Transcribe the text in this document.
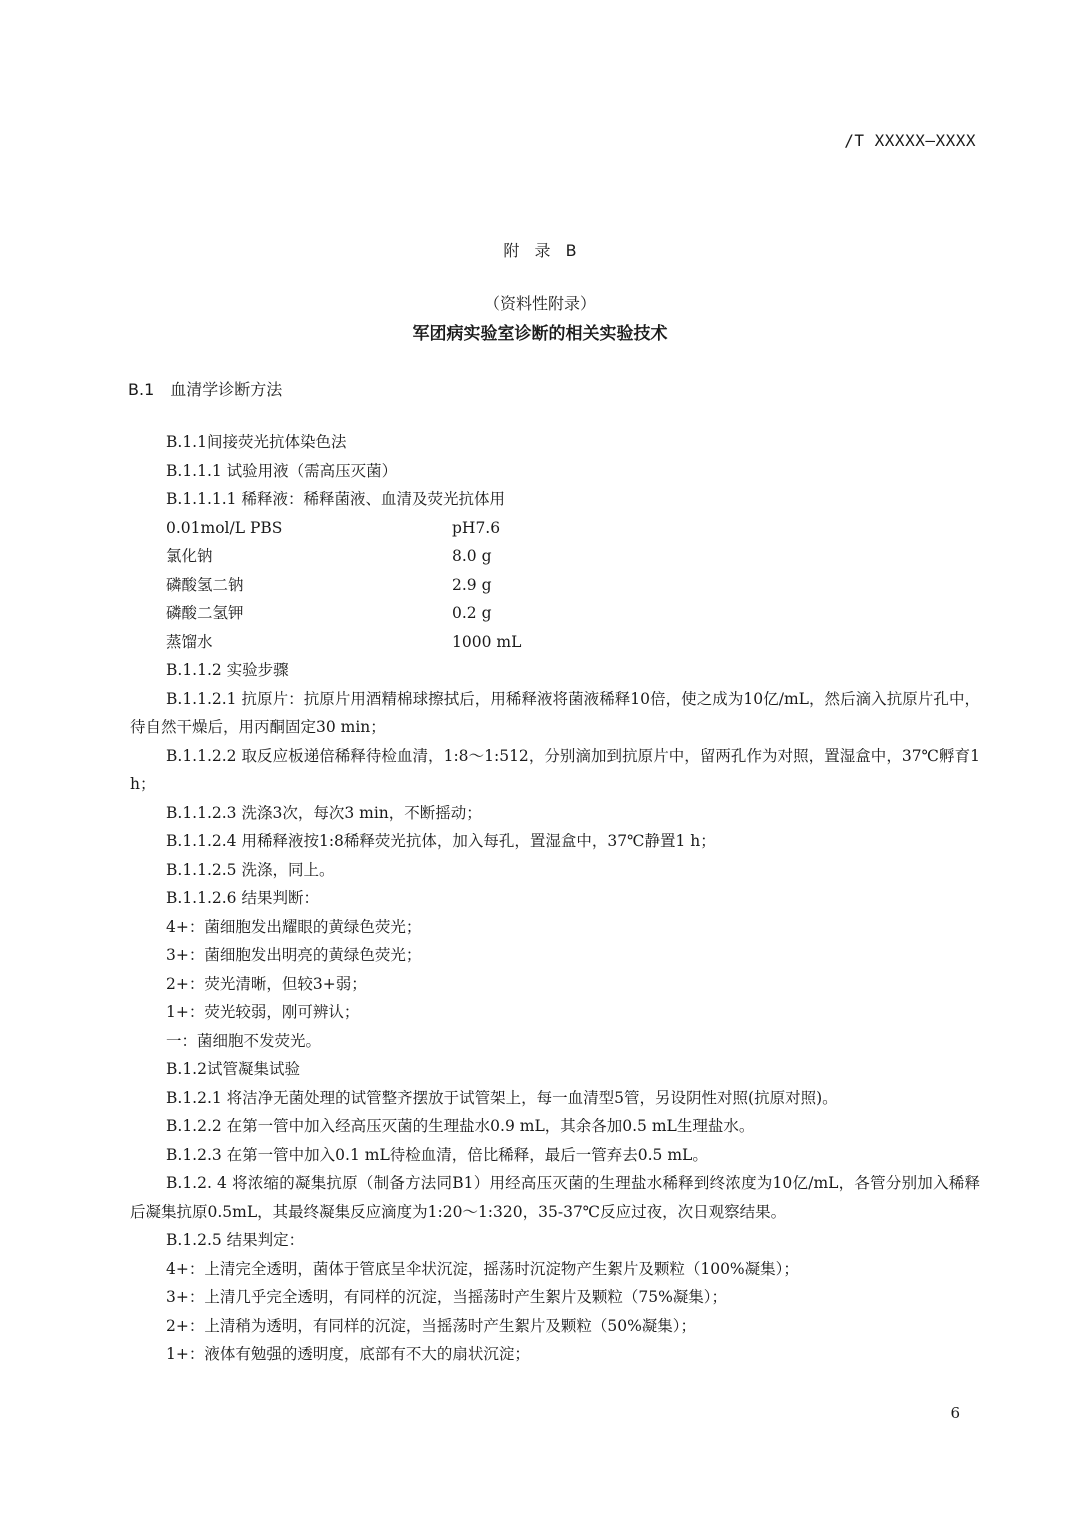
/T XXXXX—XXXX
附 录 B
（资料性附录）
军团病实验室诊断的相关实验技术
B.1 血清学诊断方法

B.1.1间接荧光抗体染色法

B.1.1.1 试验用液（需高压灭菌）

B.1.1.1.1 稀释液：稀释菌液、血清及荧光抗体用

0.01mol/L PBS	pH7.6
氯化钠	8.0 g
磷酸氢二钠	2.9 g
磷酸二氢钾	0.2 g
蒸馏水	1000 mL

B.1.1.2 实验步骤

B.1.1.2.1 抗原片：抗原片用酒精棉球擦拭后，用稀释液将菌液稀释10倍，使之成为10亿/mL，然后滴入抗原片孔中，待自然干燥后，用丙酮固定30 min；

B.1.1.2.2 取反应板递倍稀释待检血清，1:8～1:512，分别滴加到抗原片中，留两孔作为对照，置湿盒中，37℃孵育1 h；

B.1.1.2.3 洗涤3次，每次3 min，不断摇动；

B.1.1.2.4 用稀释液按1:8稀释荧光抗体，加入每孔，置湿盒中，37℃静置1 h；

B.1.1.2.5 洗涤，同上。

B.1.1.2.6 结果判断：

4+：菌细胞发出耀眼的黄绿色荧光；

3+：菌细胞发出明亮的黄绿色荧光；

2+：荧光清晰，但较3+弱；

1+：荧光较弱，刚可辨认；

一：菌细胞不发荧光。

B.1.2试管凝集试验

B.1.2.1 将洁净无菌处理的试管整齐摆放于试管架上，每一血清型5管，另设阴性对照(抗原对照)。

B.1.2.2 在第一管中加入经高压灭菌的生理盐水0.9 mL，其余各加0.5 mL生理盐水。

B.1.2.3 在第一管中加入0.1 mL待检血清，倍比稀释，最后一管弃去0.5 mL。

B.1.2. 4 将浓缩的凝集抗原（制备方法同B1）用经高压灭菌的生理盐水稀释到终浓度为10亿/mL，各管分别加入稀释后凝集抗原0.5mL，其最终凝集反应滴度为1:20～1:320，35-37℃反应过夜，次日观察结果。

B.1.2.5 结果判定：

4+：上清完全透明，菌体于管底呈伞状沉淀，摇荡时沉淀物产生絮片及颗粒（100%凝集）；

3+：上清几乎完全透明，有同样的沉淀，当摇荡时产生絮片及颗粒（75%凝集）；

2+：上清稍为透明，有同样的沉淀，当摇荡时产生絮片及颗粒（50%凝集）；

1+：液体有勉强的透明度，底部有不大的扇状沉淀；

6
